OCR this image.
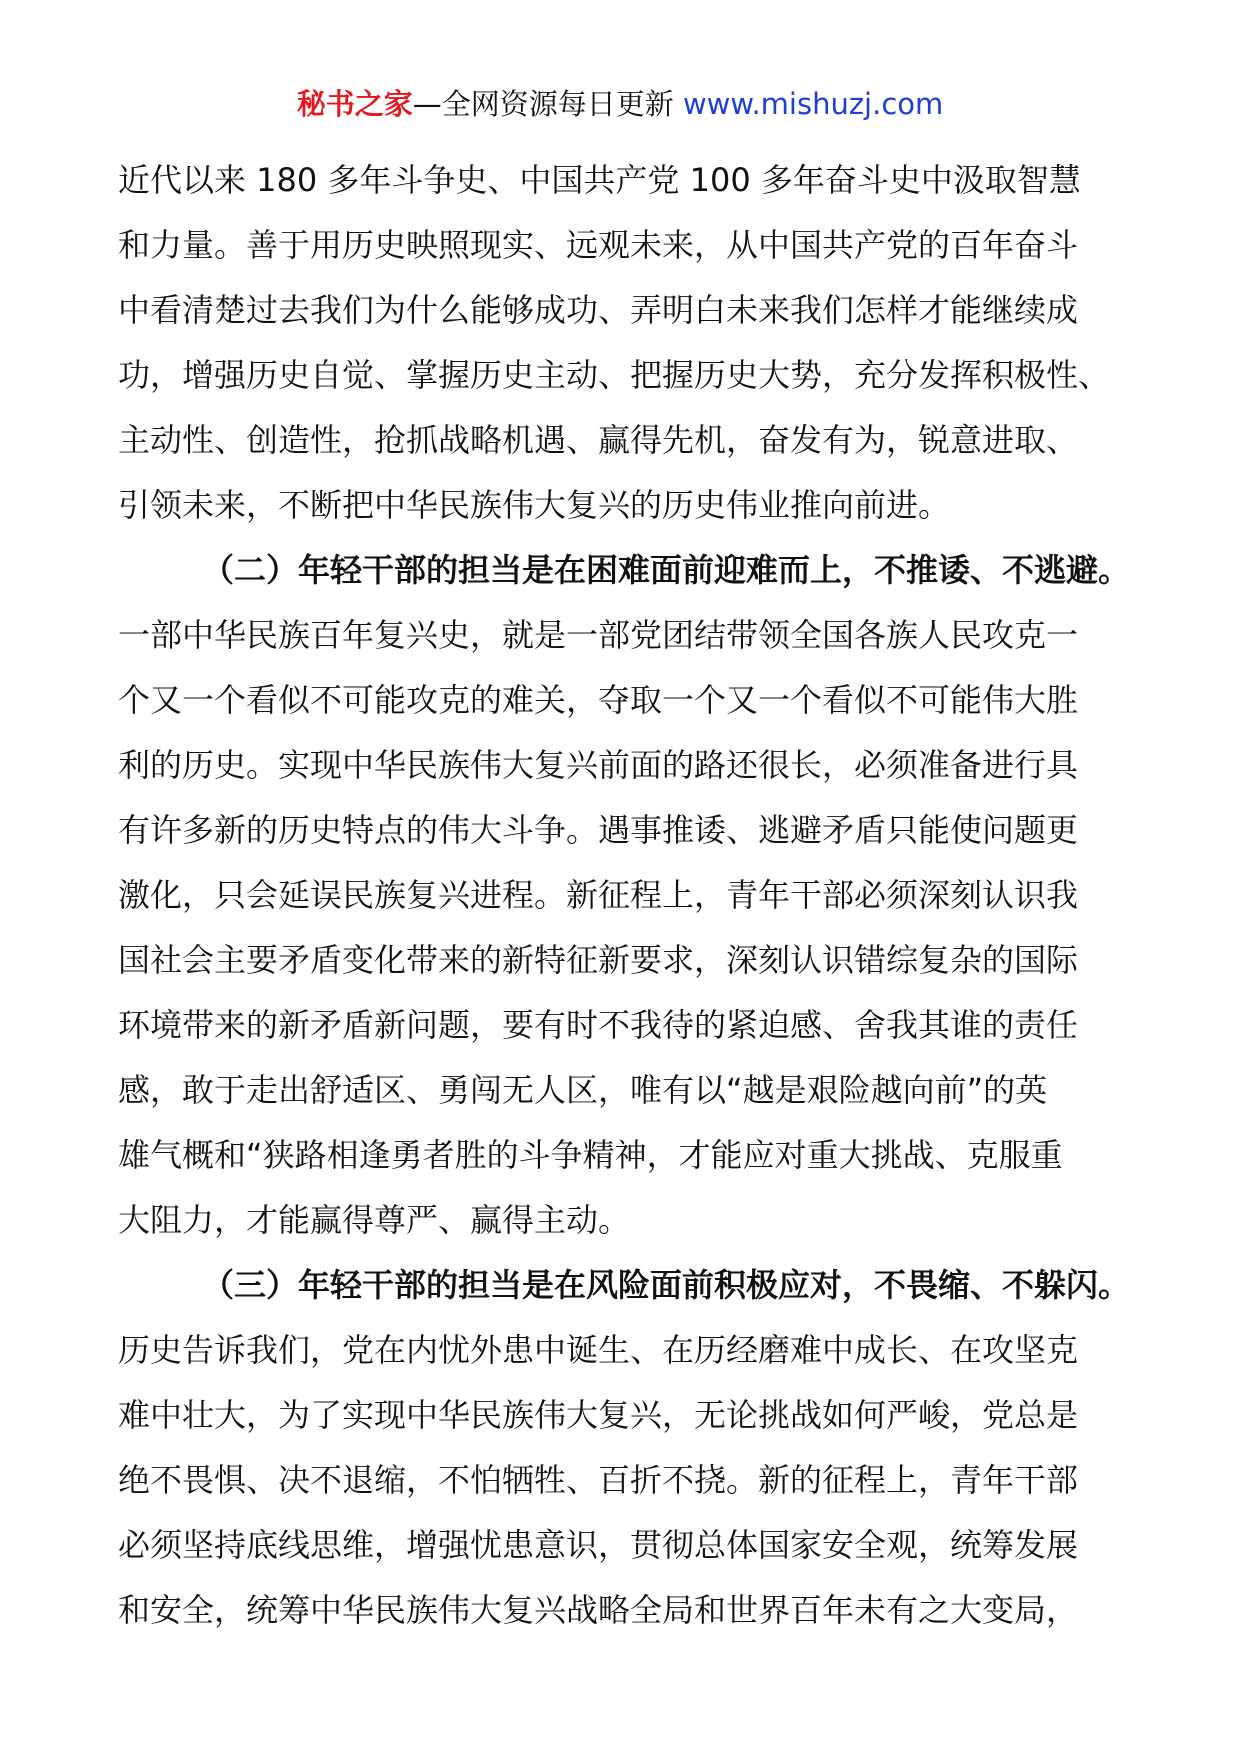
秘书之家—全网资源每日更新 www.mishuzj.com

近代以来 180 多年斗争史、中国共产党 100 多年奋斗史中汲取智慧
和力量。善于用历史映照现实、远观未来，从中国共产党的百年奋斗
中看清楚过去我们为什么能够成功、弄明白未来我们怎样才能继续成
功，增强历史自觉、掌握历史主动、把握历史大势，充分发挥积极性、
主动性、创造性，抢抓战略机遇、赢得先机，奋发有为，锐意进取、
引领未来，不断把中华民族伟大复兴的历史伟业推向前进。

（二）年轻干部的担当是在困难面前迎难而上，不推诿、不逃避。

一部中华民族百年复兴史，就是一部党团结带领全国各族人民攻克一
个又一个看似不可能攻克的难关，夺取一个又一个看似不可能伟大胜
利的历史。实现中华民族伟大复兴前面的路还很长，必须准备进行具
有许多新的历史特点的伟大斗争。遇事推诿、逃避矛盾只能使问题更
激化，只会延误民族复兴进程。新征程上，青年干部必须深刻认识我
国社会主要矛盾变化带来的新特征新要求，深刻认识错综复杂的国际
环境带来的新矛盾新问题，要有时不我待的紧迫感、舍我其谁的责任
感，敢于走出舒适区、勇闯无人区，唯有以“越是艰险越向前”的英
雄气概和“狭路相逢勇者胜的斗争精神，才能应对重大挑战、克服重
大阻力，才能赢得尊严、赢得主动。

（三）年轻干部的担当是在风险面前积极应对，不畏缩、不躲闪。

历史告诉我们，党在内忧外患中诞生、在历经磨难中成长、在攻坚克
难中壮大，为了实现中华民族伟大复兴，无论挑战如何严峻，党总是
绝不畏惧、决不退缩，不怕牺牲、百折不挠。新的征程上，青年干部
必须坚持底线思维，增强忧患意识，贯彻总体国家安全观，统筹发展
和安全，统筹中华民族伟大复兴战略全局和世界百年未有之大变局，
